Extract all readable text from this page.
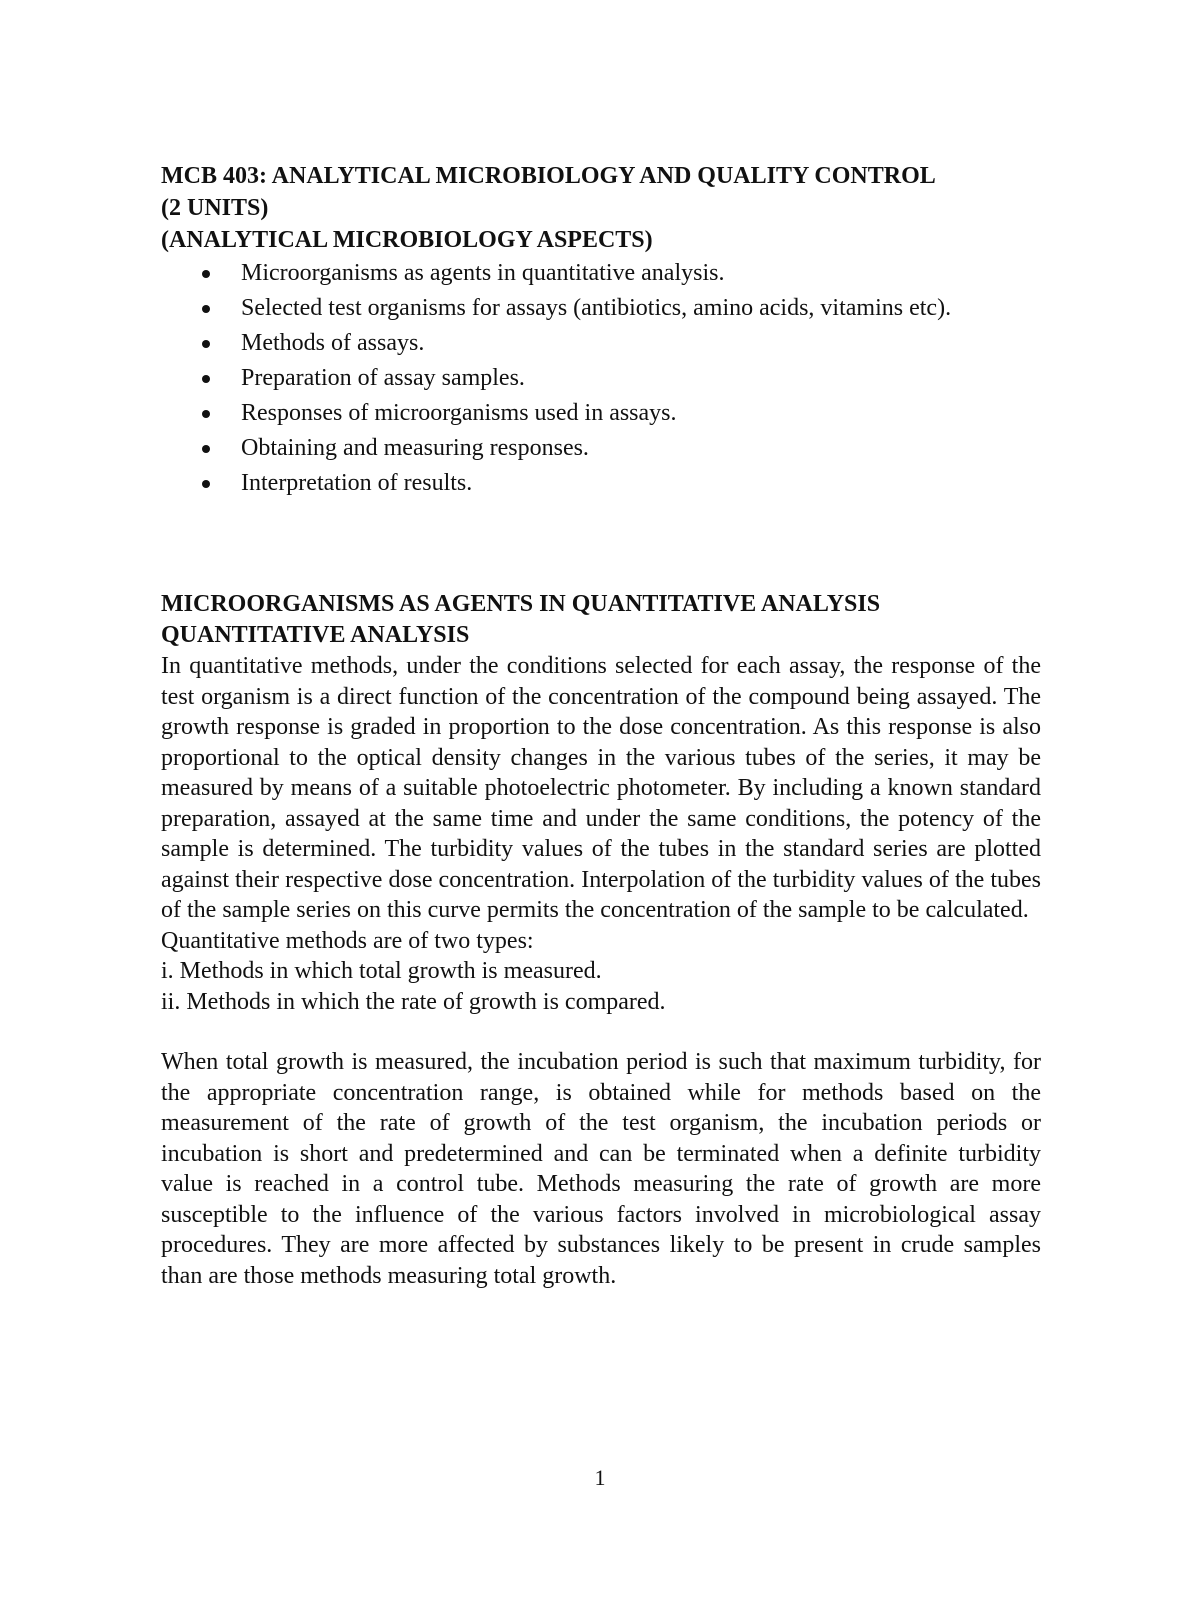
MCB 403: ANALYTICAL MICROBIOLOGY AND QUALITY CONTROL
(2 UNITS)
(ANALYTICAL MICROBIOLOGY ASPECTS)
Microorganisms as agents in quantitative analysis.
Selected test organisms for assays (antibiotics, amino acids, vitamins etc).
Methods of assays.
Preparation of assay samples.
Responses of microorganisms used in assays.
Obtaining and measuring responses.
Interpretation of results.
MICROORGANISMS AS AGENTS IN QUANTITATIVE ANALYSIS
QUANTITATIVE ANALYSIS

In quantitative methods, under the conditions selected for each assay, the response of the test organism is a direct function of the concentration of the compound being assayed. The growth response is graded in proportion to the dose concentration. As this response is also proportional to the optical density changes in the various tubes of the series, it may be measured by means of a suitable photoelectric photometer. By including a known standard preparation, assayed at the same time and under the same conditions, the potency of the sample is determined. The turbidity values of the tubes in the standard series are plotted against their respective dose concentration. Interpolation of the turbidity values of the tubes of the sample series on this curve permits the concentration of the sample to be calculated.

Quantitative methods are of two types:

i. Methods in which total growth is measured.

ii. Methods in which the rate of growth is compared.

When total growth is measured, the incubation period is such that maximum turbidity, for the appropriate concentration range, is obtained while for methods based on the measurement of the rate of growth of the test organism, the incubation periods or incubation is short and predetermined and can be terminated when a definite turbidity value is reached in a control tube. Methods measuring the rate of growth are more susceptible to the influence of the various factors involved in microbiological assay procedures. They are more affected by substances likely to be present in crude samples than are those methods measuring total growth.

1
